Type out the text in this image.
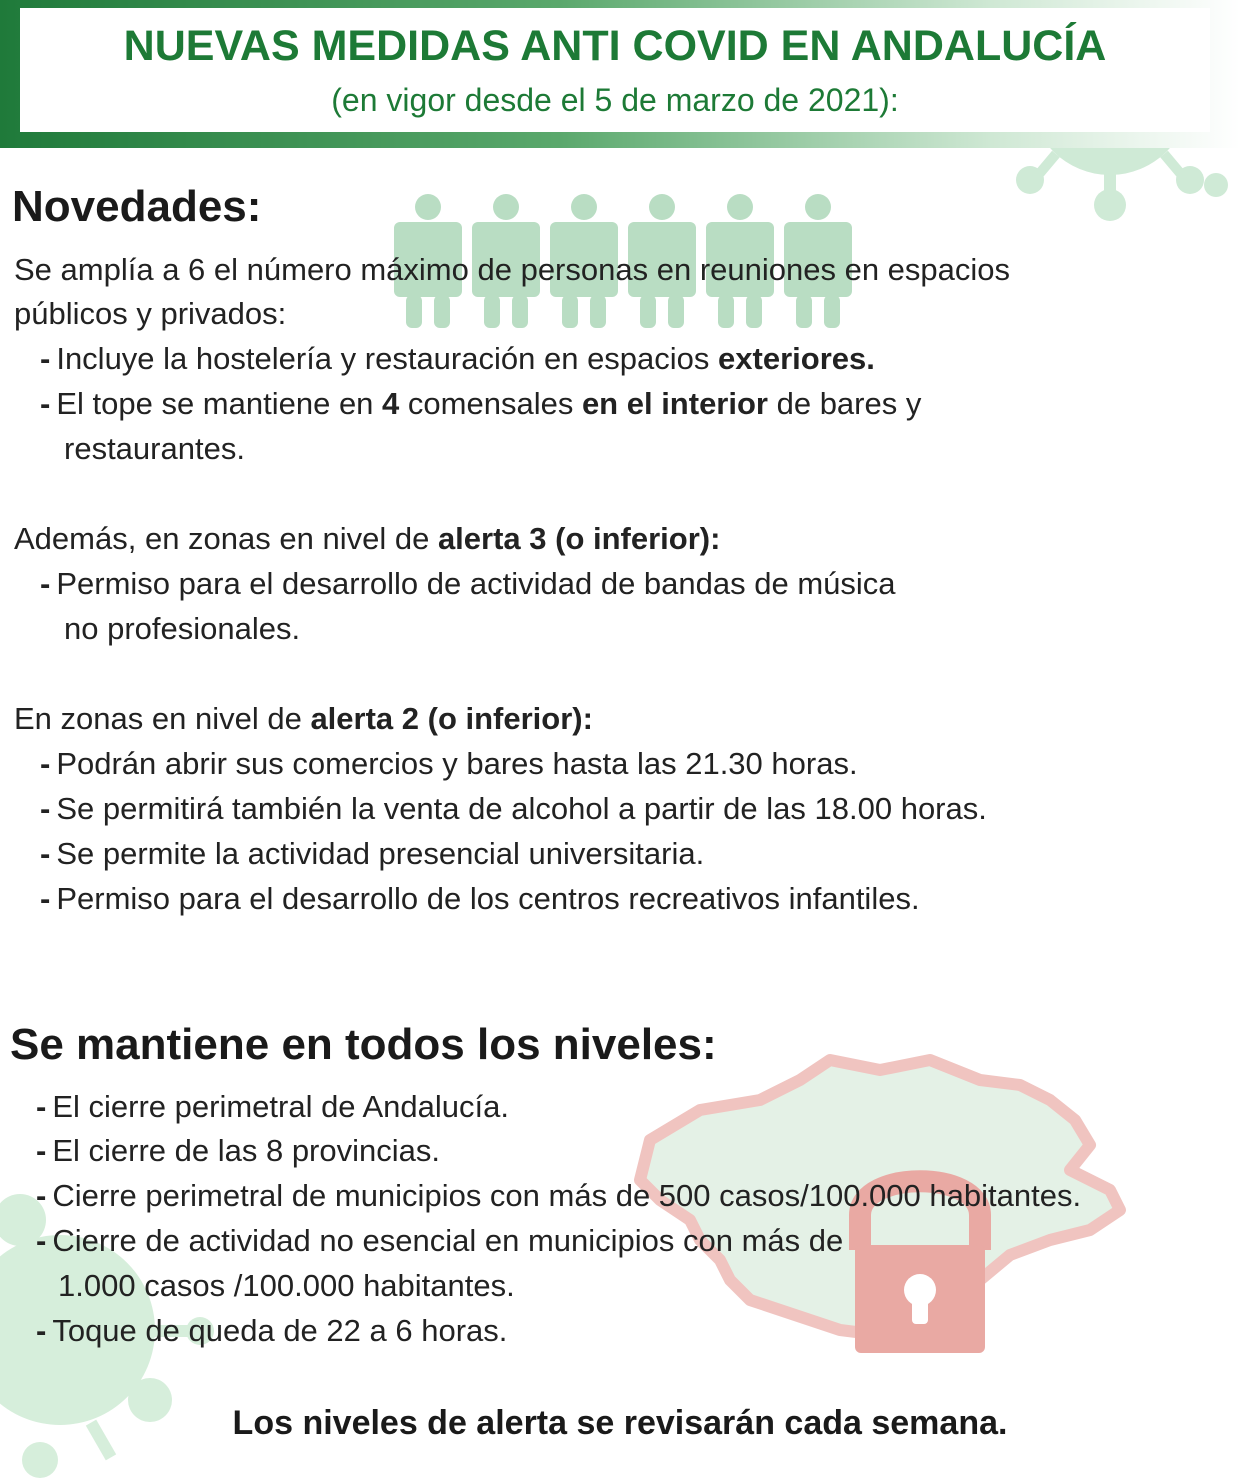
NUEVAS MEDIDAS ANTI COVID EN ANDALUCÍA
(en vigor desde el 5 de marzo de 2021):
Novedades:
Se amplía a 6 el número máximo de personas en reuniones en espacios
públicos y privados:
- Incluye la hostelería y restauración en espacios exteriores.
- El tope se mantiene en 4 comensales en el interior de bares y
restaurantes.
Además, en zonas en nivel de alerta 3 (o inferior):
- Permiso para el desarrollo de actividad de bandas de música
no profesionales.
En zonas en nivel de alerta 2 (o inferior):
- Podrán abrir sus comercios y bares hasta las 21.30 horas.
- Se permitirá también la venta de alcohol a partir de las 18.00 horas.
- Se permite la actividad presencial universitaria.
- Permiso para el desarrollo de los centros recreativos infantiles.
Se mantiene en todos los niveles:
- El cierre perimetral de Andalucía.
- El cierre de las 8 provincias.
- Cierre perimetral de municipios con más de 500 casos/100.000 habitantes.
- Cierre de actividad no esencial en municipios con más de
1.000 casos /100.000 habitantes.
- Toque de queda de 22 a 6 horas.
Los niveles de alerta se revisarán cada semana.
